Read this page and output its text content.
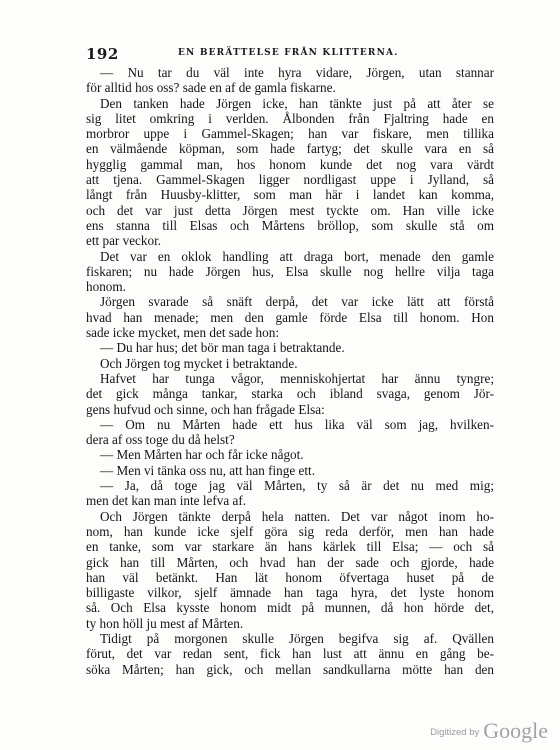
192	EN BERÄTTELSE FRÅN KLITTERNA.
— Nu tar du väl inte hyra vidare, Jörgen, utan stannar
för alltid hos oss? sade en af de gamla fiskarne.
Den tanken hade Jörgen icke, han tänkte just på att åter se
sig litet omkring i verlden. Ålbonden från Fjaltring hade en
morbror uppe i Gammel-Skagen; han var fiskare, men tillika
en välmående köpman, som hade fartyg; det skulle vara en så
hygglig gammal man, hos honom kunde det nog vara värdt
att tjena. Gammel-Skagen ligger nordligast uppe i Jylland, så
långt från Huusby-klitter, som man här i landet kan komma,
och det var just detta Jörgen mest tyckte om. Han ville icke
ens stanna till Elsas och Mårtens bröllop, som skulle stå om
ett par veckor.
Det var en oklok handling att draga bort, menade den gamle
fiskaren; nu hade Jörgen hus, Elsa skulle nog hellre vilja taga
honom.
Jörgen svarade så snäft derpå, det var icke lätt att förstå
hvad han menade; men den gamle förde Elsa till honom. Hon
sade icke mycket, men det sade hon:
— Du har hus; det bör man taga i betraktande.
Och Jörgen tog mycket i betraktande.
Hafvet har tunga vågor, menniskohjertat har ännu tyngre;
det gick många tankar, starka och ibland svaga, genom Jör-
gens hufvud och sinne, och han frågade Elsa:
— Om nu Mårten hade ett hus lika väl som jag, hvilken-
dera af oss toge du då helst?
— Men Mårten har och får icke något.
— Men vi tänka oss nu, att han finge ett.
— Ja, då toge jag väl Mårten, ty så är det nu med mig;
men det kan man inte lefva af.
Och Jörgen tänkte derpå hela natten. Det var något inom ho-
nom, han kunde icke sjelf göra sig reda derför, men han hade
en tanke, som var starkare än hans kärlek till Elsa; — och så
gick han till Mårten, och hvad han der sade och gjorde, hade
han väl betänkt. Han lät honom öfvertaga huset på de
billigaste vilkor, sjelf ämnade han taga hyra, det lyste honom
så. Och Elsa kysste honom midt på munnen, då hon hörde det,
ty hon höll ju mest af Mårten.
Tidigt på morgonen skulle Jörgen begifva sig af. Qvällen
förut, det var redan sent, fick han lust att ännu en gång be-
söka Mårten; han gick, och mellan sandkullarna mötte han den
Digitized by Google
